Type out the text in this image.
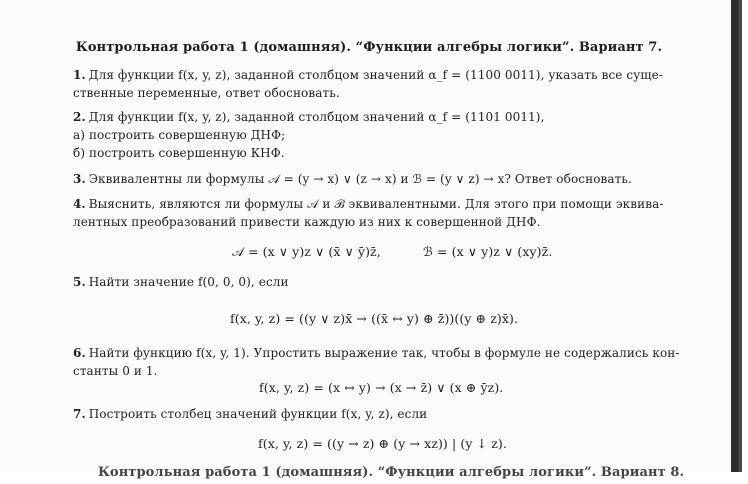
Контрольная работа 1 (домашняя). “Функции алгебры логики”. Вариант 7.
1. Для функции f(x, y, z), заданной столбцом значений α_f = (1100 0011), указать все суще-
ственные переменные, ответ обосновать.
2. Для функции f(x, y, z), заданной столбцом значений α_f = (1101 0011),
а) построить совершенную ДНФ;
б) построить совершенную КНФ.
3. Эквивалентны ли формулы 𝒜 = (y → x) ∨ (z → x) и ℬ = (y ∨ z) → x? Ответ обосновать.
4. Выяснить, являются ли формулы 𝒜 и ℬ эквивалентными. Для этого при помощи эквива-
лентных преобразований привести каждую из них к совершенной ДНФ.
𝒜 = (x ∨ y)z ∨ (x̄ ∨ ȳ)z̄,	ℬ = (x ∨ y)z ∨ (xy)z̄.
5. Найти значение f(0, 0, 0), если
f(x, y, z) = ((y ∨ z)x̄ → ((x̄ ↔ y) ⊕ z̄))((y ⊕ z)x̄).
6. Найти функцию f(x, y, 1). Упростить выражение так, чтобы в формуле не содержались кон-
станты 0 и 1.
f(x, y, z) = (x ↔ y) → (x → z̄) ∨ (x ⊕ ȳz).
7. Построить столбец значений функции f(x, y, z), если
f(x, y, z) = ((y → z) ⊕ (y → xz)) | (y ↓ z).
Контрольная работа 1 (домашняя). “Функции алгебры логики”. Вариант 8.
